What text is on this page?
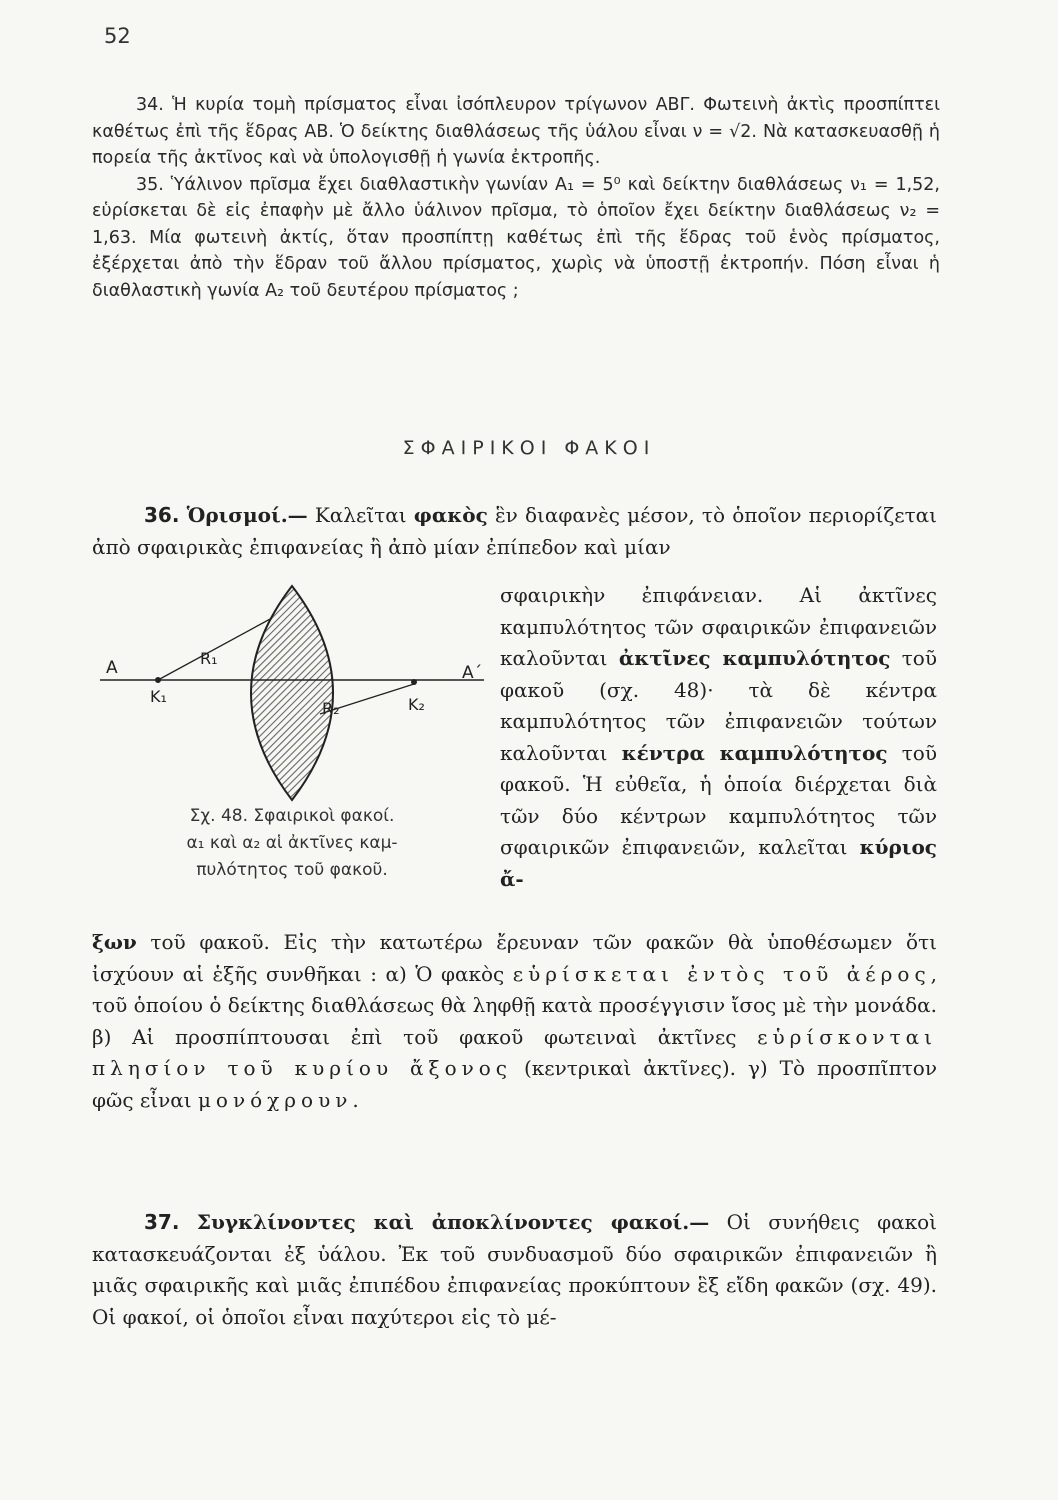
52

34. Ἡ κυρία τομὴ πρίσματος εἶναι ἰσόπλευρον τρίγωνον ΑΒΓ. Φωτεινὴ ἀκτὶς προσπίπτει καθέτως ἐπὶ τῆς ἕδρας ΑΒ. Ὁ δείκτης διαθλάσεως τῆς ὑάλου εἶναι ν = √2. Νὰ κατασκευασθῇ ἡ πορεία τῆς ἀκτῖνος καὶ νὰ ὑπολογισθῇ ἡ γωνία ἐκτροπῆς.

35. Ὑάλινον πρῖσμα ἔχει διαθλαστικὴν γωνίαν Α₁ = 5⁰ καὶ δείκτην διαθλάσεως ν₁ = 1,52, εὑρίσκεται δὲ εἰς ἐπαφὴν μὲ ἄλλο ὑάλινον πρῖσμα, τὸ ὁποῖον ἔχει δείκτην διαθλάσεως ν₂ = 1,63. Μία φωτεινὴ ἀκτίς, ὅταν προσπίπτῃ καθέτως ἐπὶ τῆς ἕδρας τοῦ ἑνὸς πρίσματος, ἐξέρχεται ἀπὸ τὴν ἕδραν τοῦ ἄλλου πρίσματος, χωρὶς νὰ ὑποστῇ ἐκτροπήν. Πόση εἶναι ἡ διαθλαστικὴ γωνία Α₂ τοῦ δευτέρου πρίσματος ;

ΣΦΑΙΡΙΚΟΙ ΦΑΚΟΙ

36. Ὁρισμοί.— Καλεῖται φακὸς ἓν διαφανὲς μέσον, τὸ ὁποῖον περιορίζεται ἀπὸ σφαιρικὰς ἐπιφανείας ἢ ἀπὸ μίαν ἐπίπεδον καὶ μίαν

Α	Α΄
Κ₁	Κ₂
R₁
R₂

Σχ. 48. Σφαιρικοὶ φακοί.
α₁ καὶ α₂ αἱ ἀκτῖνες καμ-
πυλότητος τοῦ φακοῦ.

σφαιρικὴν ἐπιφάνειαν. Αἱ ἀκτῖνες καμπυλότητος τῶν σφαιρικῶν ἐπιφανειῶν καλοῦνται ἀκτῖνες καμπυλότητος τοῦ φακοῦ (σχ. 48)· τὰ δὲ κέντρα καμπυλότητος τῶν ἐπιφανειῶν τούτων καλοῦνται κέντρα καμπυλότητος τοῦ φακοῦ. Ἡ εὐθεῖα, ἡ ὁποία διέρχεται διὰ τῶν δύο κέντρων καμπυλότητος τῶν σφαιρικῶν ἐπιφανειῶν, καλεῖται κύριος ἄ-

ξων τοῦ φακοῦ. Εἰς τὴν κατωτέρω ἔρευναν τῶν φακῶν θὰ ὑποθέσωμεν ὅτι ἰσχύουν αἱ ἑξῆς συνθῆκαι : α) Ὁ φακὸς εὑρίσκεται ἐντὸς τοῦ ἀέρος, τοῦ ὁποίου ὁ δείκτης διαθλάσεως θὰ ληφθῇ κατὰ προσέγγισιν ἴσος μὲ τὴν μονάδα. β) Αἱ προσπίπτουσαι ἐπὶ τοῦ φακοῦ φωτειναὶ ἀκτῖνες εὑρίσκονται πλησίον τοῦ κυρίου ἄξονος (κεντρικαὶ ἀκτῖνες). γ) Τὸ προσπῖπτον φῶς εἶναι μονόχρουν.

37. Συγκλίνοντες καὶ ἀποκλίνοντες φακοί.— Οἱ συνήθεις φακοὶ κατασκευάζονται ἐξ ὑάλου. Ἐκ τοῦ συνδυασμοῦ δύο σφαιρικῶν ἐπιφανειῶν ἢ μιᾶς σφαιρικῆς καὶ μιᾶς ἐπιπέδου ἐπιφανείας προκύπτουν ἓξ εἴδη φακῶν (σχ. 49). Οἱ φακοί, οἱ ὁποῖοι εἶναι παχύτεροι εἰς τὸ μέ-
